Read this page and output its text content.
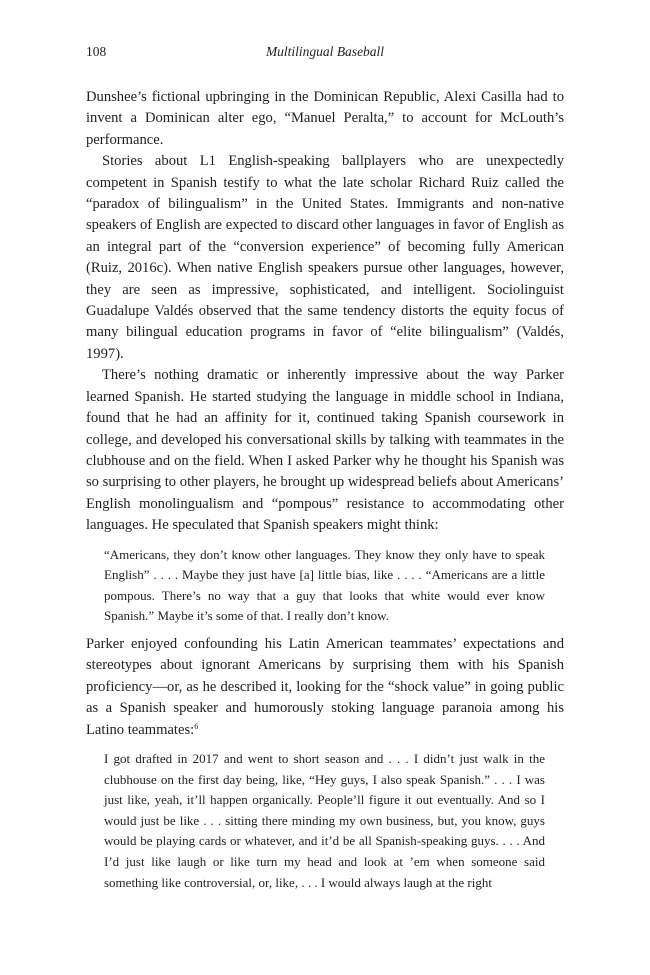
108	Multilingual Baseball

Dunshee’s fictional upbringing in the Dominican Republic, Alexi Casilla had to invent a Dominican alter ego, “Manuel Peralta,” to account for McLouth’s performance.

Stories about L1 English-speaking ballplayers who are unexpectedly competent in Spanish testify to what the late scholar Richard Ruiz called the “paradox of bilingualism” in the United States. Immigrants and non-native speakers of English are expected to discard other languages in favor of English as an integral part of the “conversion experience” of becoming fully American (Ruiz, 2016c). When native English speakers pursue other languages, however, they are seen as impressive, sophisticated, and intelligent. Sociolinguist Guadalupe Valdés observed that the same tendency distorts the equity focus of many bilingual education programs in favor of “elite bilingualism” (Valdés, 1997).

There’s nothing dramatic or inherently impressive about the way Parker learned Spanish. He started studying the language in middle school in Indiana, found that he had an affinity for it, continued taking Spanish coursework in college, and developed his conversational skills by talking with teammates in the clubhouse and on the field. When I asked Parker why he thought his Spanish was so surprising to other players, he brought up widespread beliefs about Americans’ English monolingualism and “pompous” resistance to accommodating other languages. He speculated that Spanish speakers might think:

“Americans, they don’t know other languages. They know they only have to speak English” . . . . Maybe they just have [a] little bias, like . . . . “Americans are a little pompous. There’s no way that a guy that looks that white would ever know Spanish.” Maybe it’s some of that. I really don’t know.

Parker enjoyed confounding his Latin American teammates’ expectations and stereotypes about ignorant Americans by surprising them with his Spanish proficiency—or, as he described it, looking for the “shock value” in going public as a Spanish speaker and humorously stoking language paranoia among his Latino teammates:$^6$

I got drafted in 2017 and went to short season and . . . I didn’t just walk in the clubhouse on the first day being, like, “Hey guys, I also speak Spanish.” . . . I was just like, yeah, it’ll happen organically. People’ll figure it out eventually. And so I would just be like . . . sitting there minding my own business, but, you know, guys would be playing cards or whatever, and it’d be all Spanish-speaking guys. . . . And I’d just like laugh or like turn my head and look at ’em when someone said something like controversial, or, like, . . . I would always laugh at the right
